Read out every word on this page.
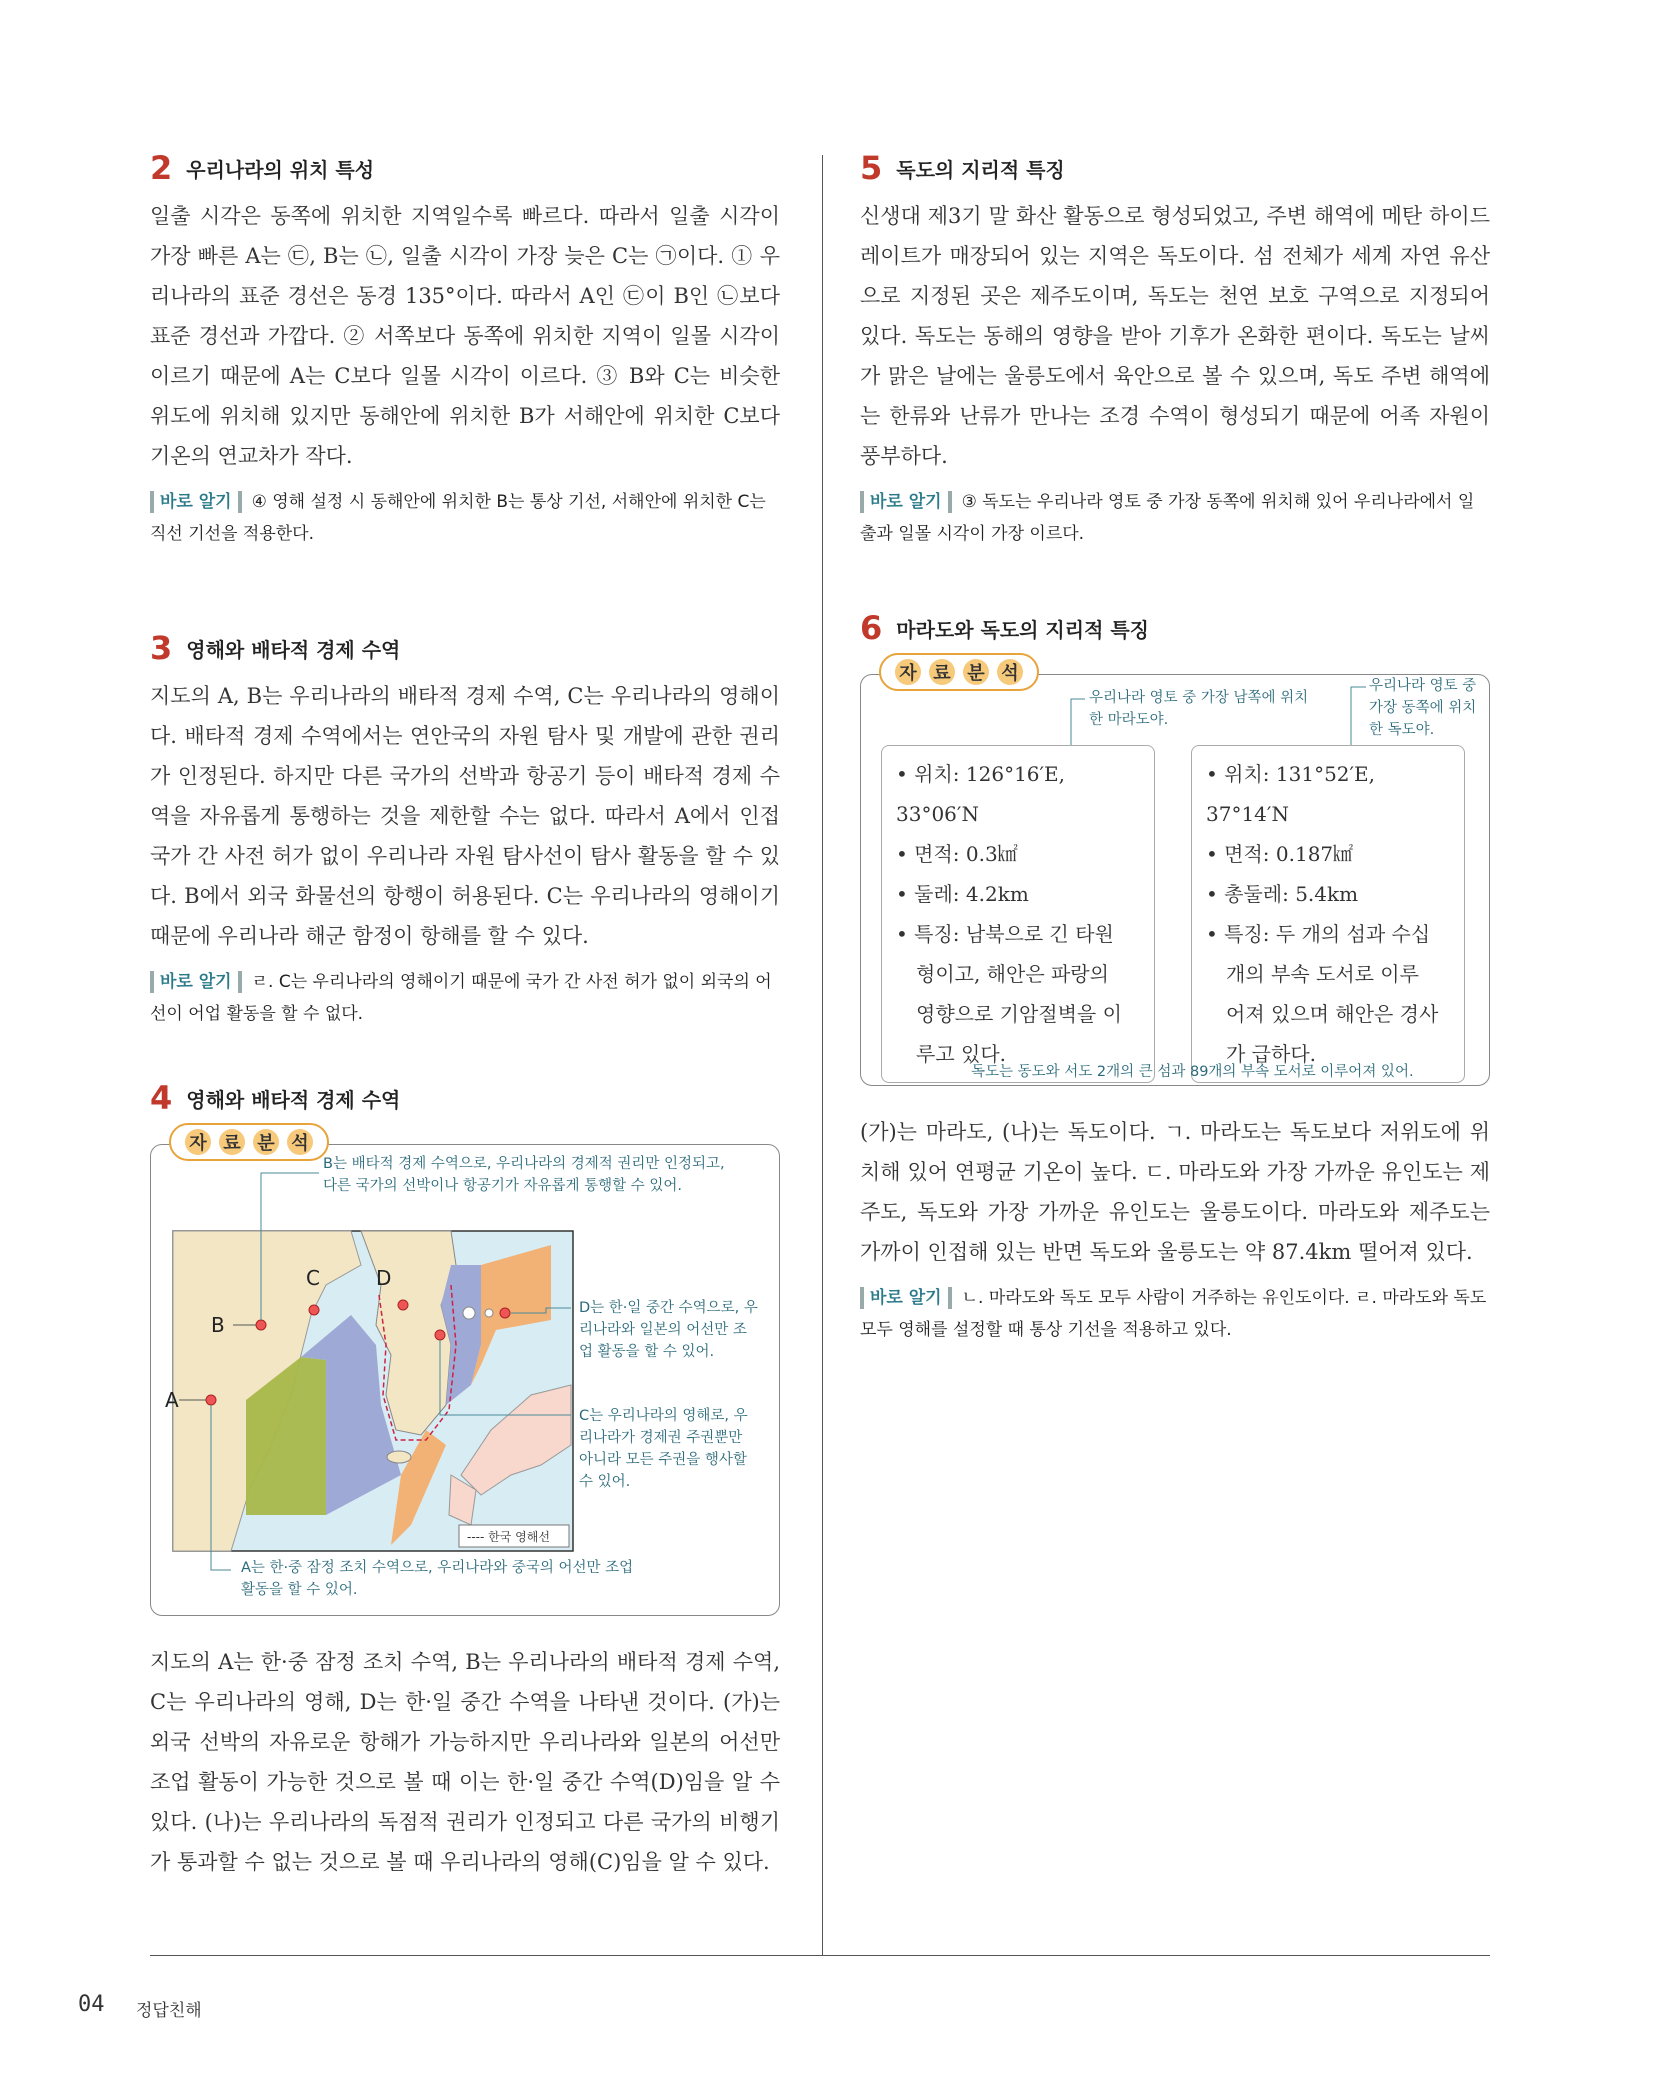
2 우리나라의 위치 특성

일출 시각은 동쪽에 위치한 지역일수록 빠르다. 따라서 일출 시각이 가장 빠른 A는 ㉢, B는 ㉡, 일출 시각이 가장 늦은 C는 ㉠이다. ① 우리나라의 표준 경선은 동경 135°이다. 따라서 A인 ㉢이 B인 ㉡보다 표준 경선과 가깝다. ② 서쪽보다 동쪽에 위치한 지역이 일몰 시각이 이르기 때문에 A는 C보다 일몰 시각이 이르다. ③ B와 C는 비슷한 위도에 위치해 있지만 동해안에 위치한 B가 서해안에 위치한 C보다 기온의 연교차가 작다.

바로 알기 ④ 영해 설정 시 동해안에 위치한 B는 통상 기선, 서해안에 위치한 C는 직선 기선을 적용한다.

3 영해와 배타적 경제 수역

지도의 A, B는 우리나라의 배타적 경제 수역, C는 우리나라의 영해이다. 배타적 경제 수역에서는 연안국의 자원 탐사 및 개발에 관한 권리가 인정된다. 하지만 다른 국가의 선박과 항공기 등이 배타적 경제 수역을 자유롭게 통행하는 것을 제한할 수는 없다. 따라서 A에서 인접 국가 간 사전 허가 없이 우리나라 자원 탐사선이 탐사 활동을 할 수 있다. B에서 외국 화물선의 항행이 허용된다. C는 우리나라의 영해이기 때문에 우리나라 해군 함정이 항해를 할 수 있다.

바로 알기 ㄹ. C는 우리나라의 영해이기 때문에 국가 간 사전 허가 없이 외국의 어선이 어업 활동을 할 수 없다.

4 영해와 배타적 경제 수역
자 료 분 석
B는 배타적 경제 수역으로, 우리나라의 경제적 권리만 인정되고, 다른 국가의 선박이나 항공기가 자유롭게 통행할 수 있어.
A
B
C	D
---- 한국 영해선
D는 한·일 중간 수역으로, 우리나라와 일본의 어선만 조업 활동을 할 수 있어.
C는 우리나라의 영해로, 우리나라가 경제권 주권뿐만 아니라 모든 주권을 행사할 수 있어.
A는 한·중 잠정 조치 수역으로, 우리나라와 중국의 어선만 조업 활동을 할 수 있어.

지도의 A는 한·중 잠정 조치 수역, B는 우리나라의 배타적 경제 수역, C는 우리나라의 영해, D는 한·일 중간 수역을 나타낸 것이다. (가)는 외국 선박의 자유로운 항해가 가능하지만 우리나라와 일본의 어선만 조업 활동이 가능한 것으로 볼 때 이는 한·일 중간 수역(D)임을 알 수 있다. (나)는 우리나라의 독점적 권리가 인정되고 다른 국가의 비행기가 통과할 수 없는 것으로 볼 때 우리나라의 영해(C)임을 알 수 있다.

5 독도의 지리적 특징

신생대 제3기 말 화산 활동으로 형성되었고, 주변 해역에 메탄 하이드레이트가 매장되어 있는 지역은 독도이다. 섬 전체가 세계 자연 유산으로 지정된 곳은 제주도이며, 독도는 천연 보호 구역으로 지정되어 있다. 독도는 동해의 영향을 받아 기후가 온화한 편이다. 독도는 날씨가 맑은 날에는 울릉도에서 육안으로 볼 수 있으며, 독도 주변 해역에는 한류와 난류가 만나는 조경 수역이 형성되기 때문에 어족 자원이 풍부하다.

바로 알기 ③ 독도는 우리나라 영토 중 가장 동쪽에 위치해 있어 우리나라에서 일출과 일몰 시각이 가장 이르다.

6 마라도와 독도의 지리적 특징
자 료 분 석
우리나라 영토 중 가장 남쪽에 위치한 마라도야.
우리나라 영토 중 가장 동쪽에 위치한 독도야.

• 위치: 126°16′E, 33°06′N

• 면적: 0.3㎢

• 둘레: 4.2km

• 특징: 남북으로 긴 타원

형이고, 해안은 파랑의

영향으로 기암절벽을 이

루고 있다.

• 위치: 131°52′E, 37°14′N

• 면적: 0.187㎢

• 총둘레: 5.4km

• 특징: 두 개의 섬과 수십

개의 부속 도서로 이루

어져 있으며 해안은 경사

가 급하다.

독도는 동도와 서도 2개의 큰 섬과 89개의 부속 도서로 이루어져 있어.

(가)는 마라도, (나)는 독도이다. ㄱ. 마라도는 독도보다 저위도에 위치해 있어 연평균 기온이 높다. ㄷ. 마라도와 가장 가까운 유인도는 제주도, 독도와 가장 가까운 유인도는 울릉도이다. 마라도와 제주도는 가까이 인접해 있는 반면 독도와 울릉도는 약 87.4km 떨어져 있다.

바로 알기 ㄴ. 마라도와 독도 모두 사람이 거주하는 유인도이다. ㄹ. 마라도와 독도 모두 영해를 설정할 때 통상 기선을 적용하고 있다.

04 정답친해
